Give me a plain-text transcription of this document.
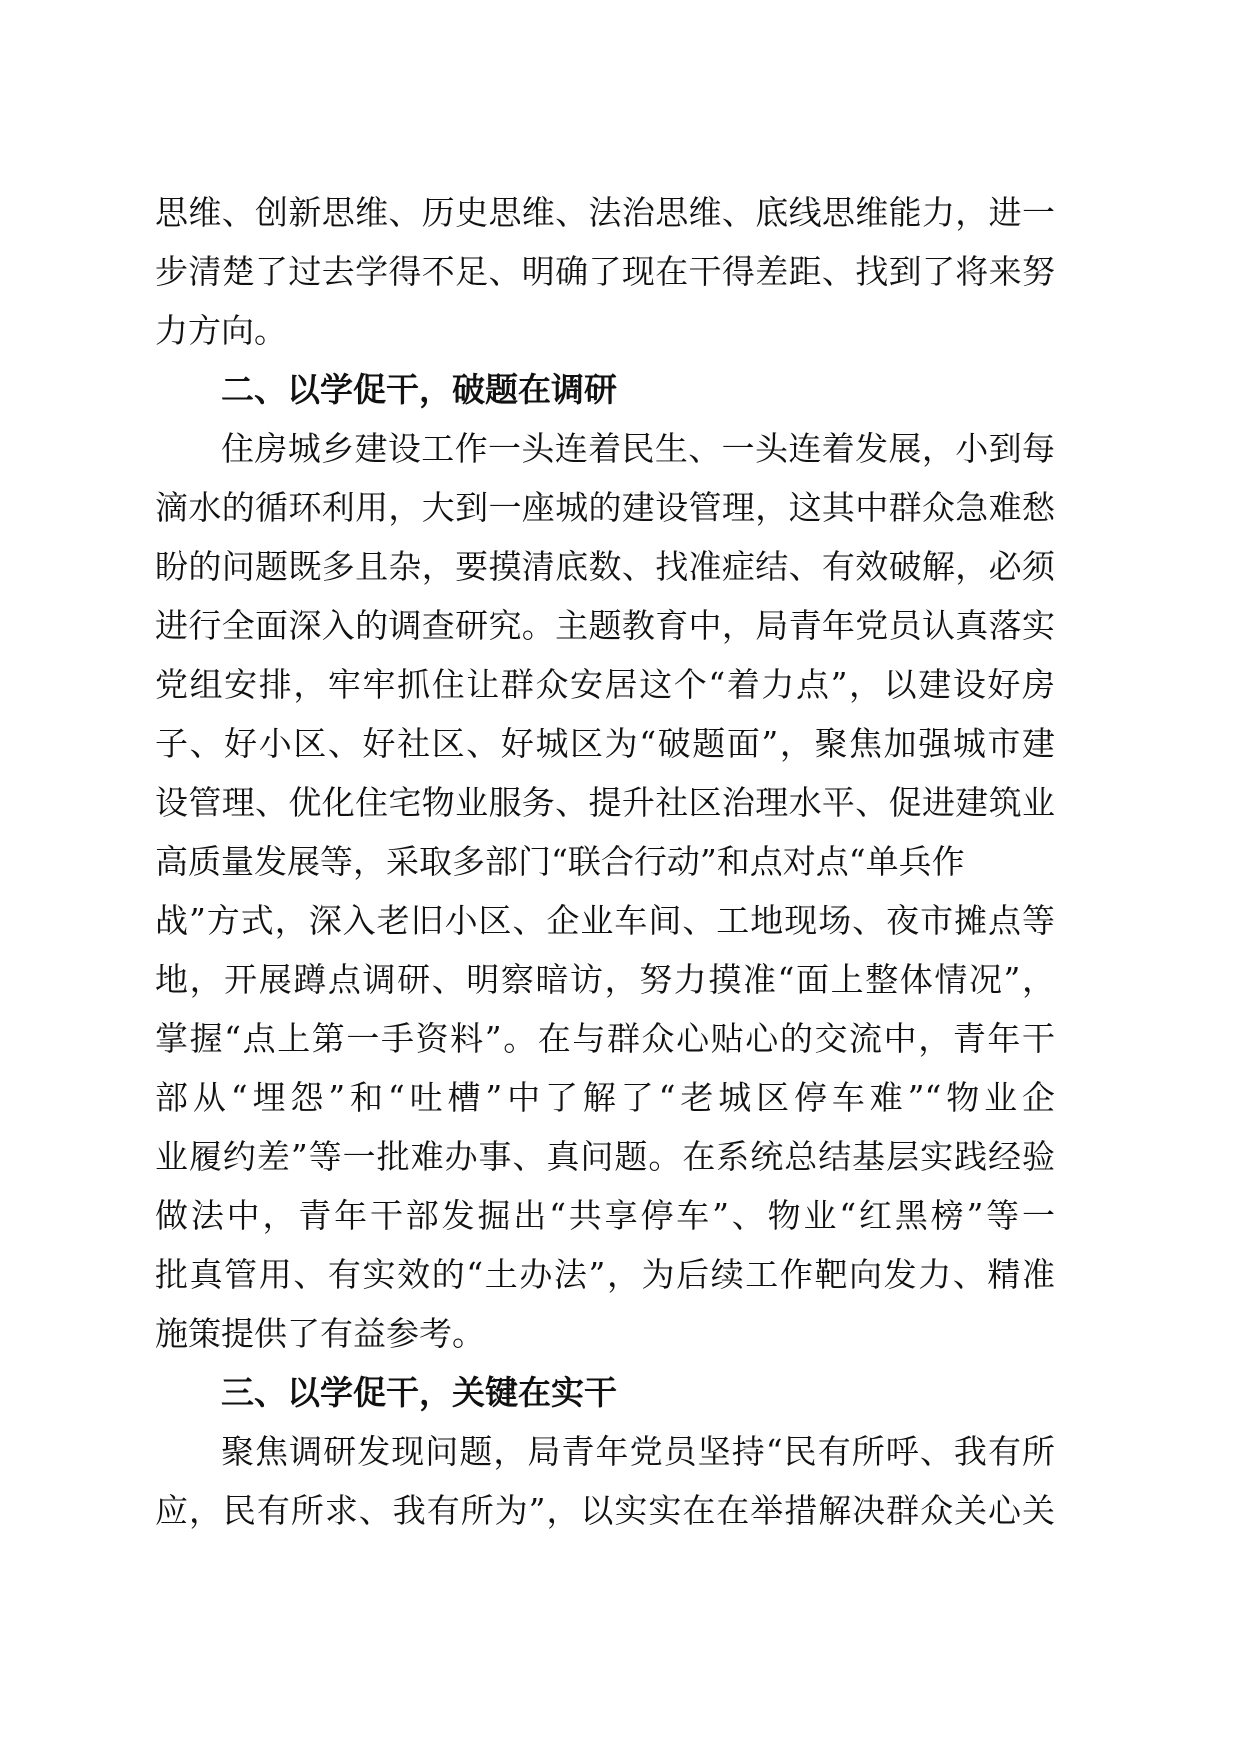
思维、创新思维、历史思维、法治思维、底线思维能力，进一
步清楚了过去学得不足、明确了现在干得差距、找到了将来努
力方向。
二、以学促干，破题在调研
住房城乡建设工作一头连着民生、一头连着发展，小到每
滴水的循环利用，大到一座城的建设管理，这其中群众急难愁
盼的问题既多且杂，要摸清底数、找准症结、有效破解，必须
进行全面深入的调查研究。主题教育中，局青年党员认真落实
党组安排，牢牢抓住让群众安居这个“着力点”，以建设好房
子、好小区、好社区、好城区为“破题面”，聚焦加强城市建
设管理、优化住宅物业服务、提升社区治理水平、促进建筑业
高质量发展等，采取多部门“联合行动”和点对点“单兵作
战”方式，深入老旧小区、企业车间、工地现场、夜市摊点等
地，开展蹲点调研、明察暗访，努力摸准“面上整体情况”，
掌握“点上第一手资料”。在与群众心贴心的交流中，青年干
部从“埋怨”和“吐槽”中了解了“老城区停车难”“物业企
业履约差”等一批难办事、真问题。在系统总结基层实践经验
做法中，青年干部发掘出“共享停车”、物业“红黑榜”等一
批真管用、有实效的“土办法”，为后续工作靶向发力、精准
施策提供了有益参考。
三、以学促干，关键在实干
聚焦调研发现问题，局青年党员坚持“民有所呼、我有所
应，民有所求、我有所为”，以实实在在举措解决群众关心关
